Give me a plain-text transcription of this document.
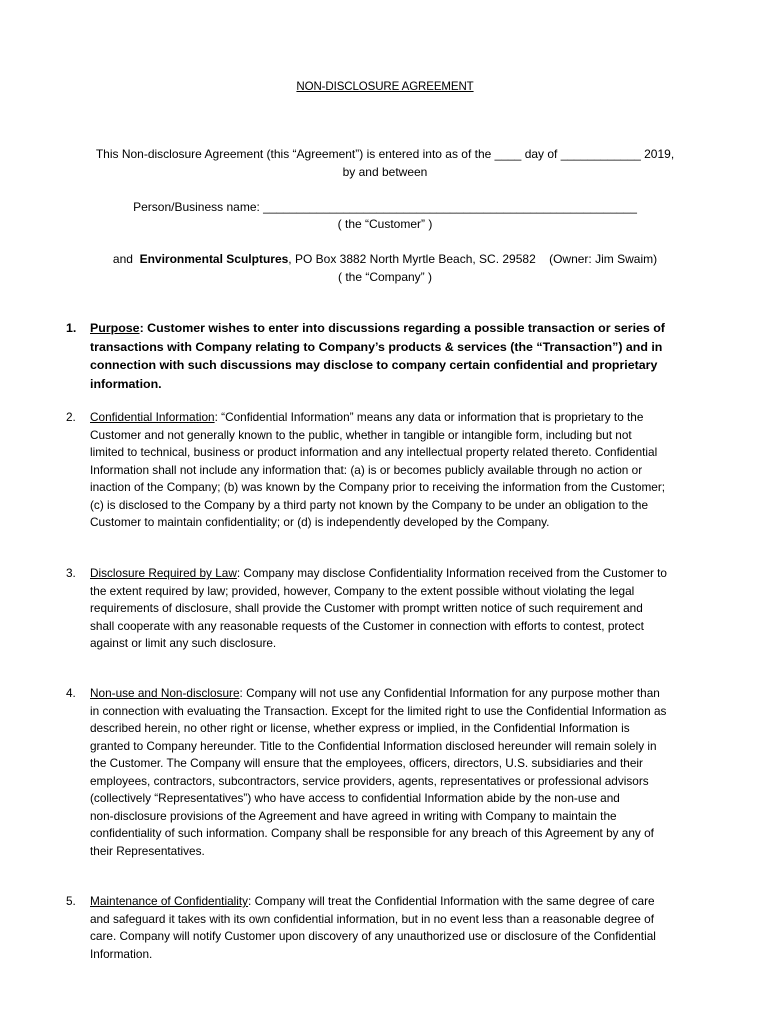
NON-DISCLOSURE AGREEMENT
This Non-disclosure Agreement (this “Agreement”) is entered into as of the ____ day of ____________ 2019,
by and between
Person/Business name: ________________________________________________________
( the “Customer” )
and  Environmental Sculptures, PO Box 3882 North Myrtle Beach, SC. 29582    (Owner: Jim Swaim)
( the “Company” )
1. Purpose: Customer wishes to enter into discussions regarding a possible transaction or series of
transactions with Company relating to Company’s products & services (the “Transaction”) and in
connection with such discussions may disclose to company certain confidential and proprietary
information.
2. Confidential Information: “Confidential Information” means any data or information that is proprietary to the
Customer and not generally known to the public, whether in tangible or intangible form, including but not
limited to technical, business or product information and any intellectual property related thereto. Confidential
Information shall not include any information that: (a) is or becomes publicly available through no action or
inaction of the Company; (b) was known by the Company prior to receiving the information from the Customer;
(c) is disclosed to the Company by a third party not known by the Company to be under an obligation to the
Customer to maintain confidentiality; or (d) is independently developed by the Company.
3. Disclosure Required by Law: Company may disclose Confidentiality Information received from the Customer to
the extent required by law; provided, however, Company to the extent possible without violating the legal
requirements of disclosure, shall provide the Customer with prompt written notice of such requirement and
shall cooperate with any reasonable requests of the Customer in connection with efforts to contest, protect
against or limit any such disclosure.
4. Non-use and Non-disclosure: Company will not use any Confidential Information for any purpose mother than
in connection with evaluating the Transaction. Except for the limited right to use the Confidential Information as
described herein, no other right or license, whether express or implied, in the Confidential Information is
granted to Company hereunder. Title to the Confidential Information disclosed hereunder will remain solely in
the Customer. The Company will ensure that the employees, officers, directors, U.S. subsidiaries and their
employees, contractors, subcontractors, service providers, agents, representatives or professional advisors
(collectively “Representatives”) who have access to confidential Information abide by the non-use and
non-disclosure provisions of the Agreement and have agreed in writing with Company to maintain the
confidentiality of such information. Company shall be responsible for any breach of this Agreement by any of
their Representatives.
5. Maintenance of Confidentiality: Company will treat the Confidential Information with the same degree of care
and safeguard it takes with its own confidential information, but in no event less than a reasonable degree of
care. Company will notify Customer upon discovery of any unauthorized use or disclosure of the Confidential
Information.
